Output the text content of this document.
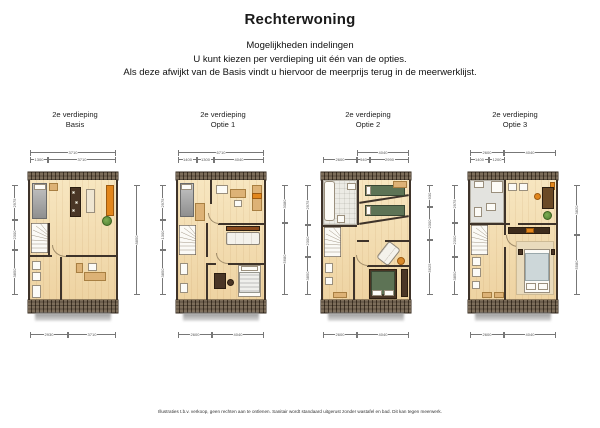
Rechterwoning
Mogelijkheden indelingen
U kunt kiezen per verdieping uit één van de opties.
Als deze afwijkt van de Basis vindt u hiervoor de meerprijs terug in de meerwerklijst.
2e verdieping
Basis
3710
1300	3710
2930	3710
2975
2300
3850
8850
2e verdieping
Optie 1
6710
1400 1300	4040
2600	4040
2975
1300
3850
3080
5680
2e verdieping
Optie 2
4040
2600	940	2990
2600	4040
2975
2300
3850
930
2300
5625
2e verdieping
Optie 3
2600	4040
1400 1200
2600	4040
2975
2300
3850
3820
5580
Illustraties t.b.v. verkoop, geen rechten aan te ontlenen. Sanitair wordt standaard uitgerust zonder wastafel en bad. Dit kan tegen meerwerk.
